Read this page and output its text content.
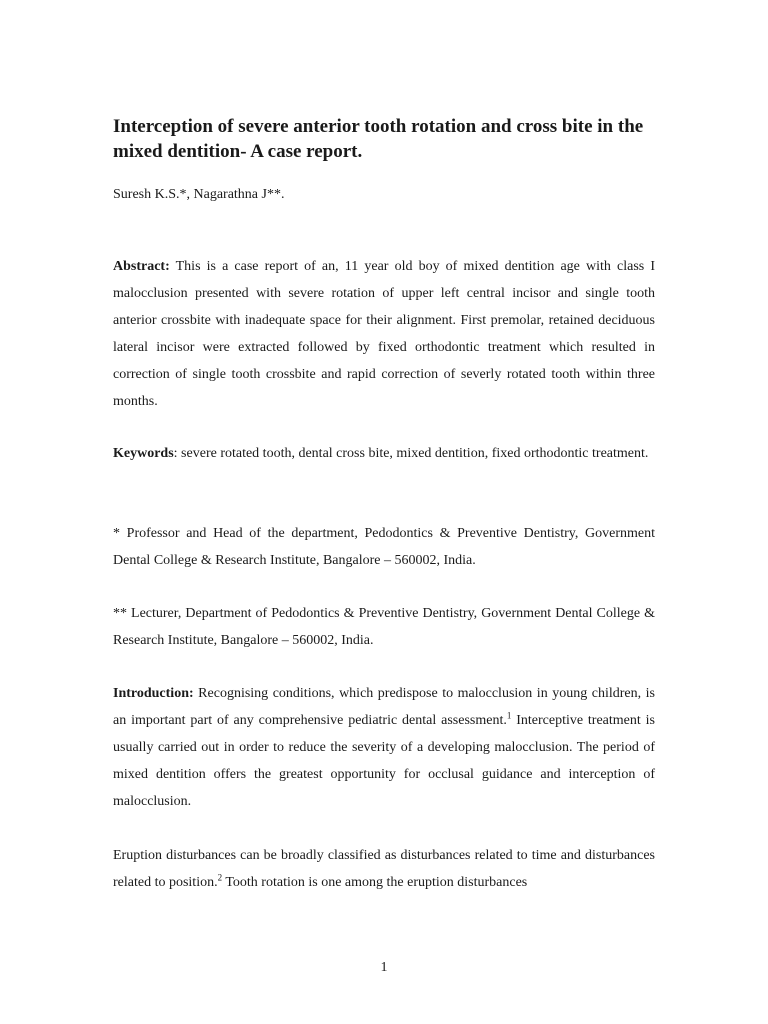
Interception of severe anterior tooth rotation and cross bite in the mixed dentition- A case report.

Suresh K.S.*, Nagarathna J**.

Abstract: This is a case report of an, 11 year old boy of mixed dentition age with class I malocclusion presented with severe rotation of upper left central incisor and single tooth anterior crossbite with inadequate space for their alignment. First premolar, retained deciduous lateral incisor were extracted followed by fixed orthodontic treatment which resulted in correction of single tooth crossbite and rapid correction of severly rotated tooth within three months.

Keywords: severe rotated tooth, dental cross bite, mixed dentition, fixed orthodontic treatment.

* Professor and Head of the department, Pedodontics & Preventive Dentistry, Government Dental College & Research Institute, Bangalore – 560002, India.

** Lecturer, Department of Pedodontics & Preventive Dentistry, Government Dental College & Research Institute, Bangalore – 560002, India.

Introduction: Recognising conditions, which predispose to malocclusion in young children, is an important part of any comprehensive pediatric dental assessment.$^1$ Interceptive treatment is usually carried out in order to reduce the severity of a developing malocclusion. The period of mixed dentition offers the greatest opportunity for occlusal guidance and interception of malocclusion.

Eruption disturbances can be broadly classified as disturbances related to time and disturbances related to position.$^2$ Tooth rotation is one among the eruption disturbances

1
